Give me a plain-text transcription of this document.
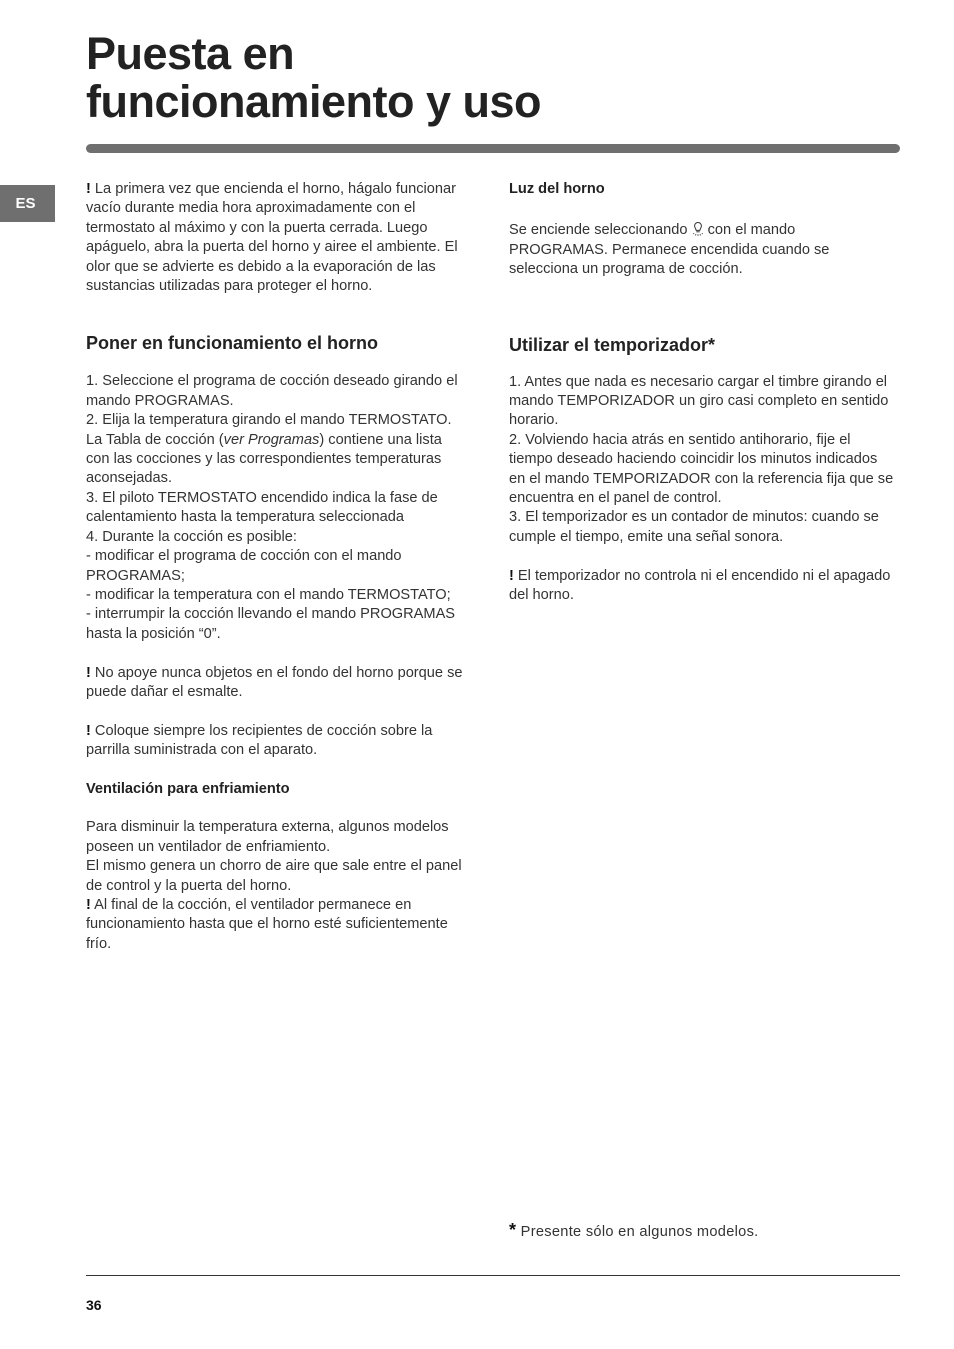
Puesta en
funcionamiento y uso
ES

! La primera vez que encienda el horno, hágalo funcionar vacío durante media hora aproximadamente con el termostato al máximo y con la puerta cerrada. Luego apáguelo, abra la puerta del horno y airee el ambiente. El olor que se advierte es debido a la evaporación de las sustancias utilizadas para proteger el horno.

Poner en funcionamiento el horno

1. Seleccione el programa de cocción deseado girando el mando PROGRAMAS.

2. Elija la temperatura girando el mando TERMOSTATO. La Tabla de cocción (ver Programas) contiene una lista con las cocciones y las correspondientes temperaturas aconsejadas.

3. El piloto TERMOSTATO encendido indica la fase de calentamiento hasta la temperatura seleccionada

4. Durante la cocción es posible:

- modificar el programa de cocción con el mando PROGRAMAS;

- modificar la temperatura con el mando TERMOSTATO;

- interrumpir la cocción llevando el mando PROGRAMAS hasta la posición “0”.

! No apoye nunca objetos en el fondo del horno porque se puede dañar el esmalte.

! Coloque siempre los recipientes de cocción sobre la parrilla suministrada con el aparato.

Ventilación para enfriamiento

Para disminuir la temperatura externa, algunos modelos poseen un ventilador de enfriamiento.

El mismo genera un chorro de aire que sale entre el panel de control y la puerta del horno.

! Al final de la cocción, el ventilador permanece en funcionamiento hasta que el horno esté suficientemente frío.

Luz del horno

Se enciende seleccionando  con el mando PROGRAMAS. Permanece encendida cuando se selecciona un programa de cocción.

Utilizar el temporizador*

1. Antes que nada es necesario cargar el timbre girando el mando TEMPORIZADOR un giro casi completo en sentido horario.

2. Volviendo hacia atrás en sentido antihorario, fije el tiempo deseado haciendo coincidir los minutos indicados en el mando TEMPORIZADOR con la referencia fija que se encuentra en el panel de control.

3. El temporizador es un contador de minutos: cuando se cumple el tiempo, emite una señal sonora.

! El temporizador no controla ni el encendido ni el apagado del horno.

* Presente sólo en algunos modelos.
36
